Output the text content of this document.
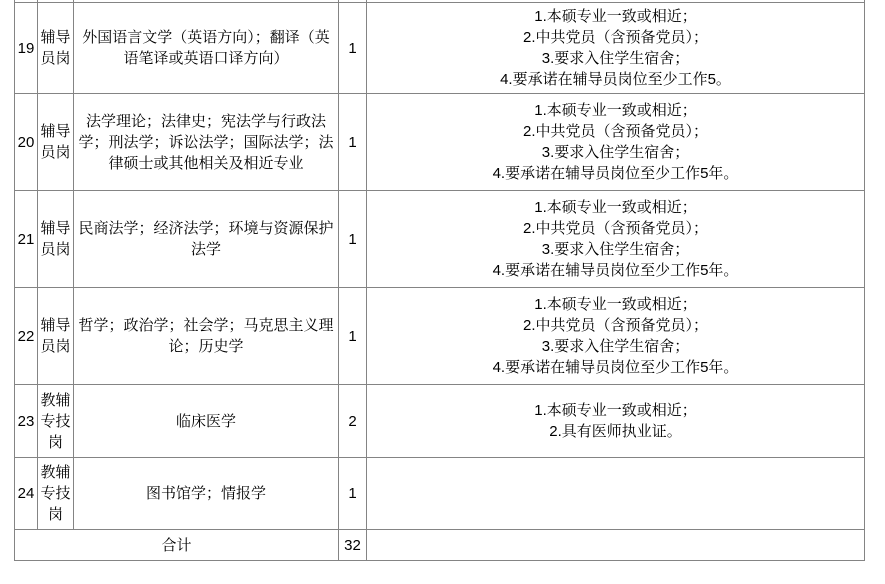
19	辅导员岗	外国语言文学（英语方向）；翻译（英语笔译或英语口译方向）	1	1.本硕专业一致或相近；
2.中共党员（含预备党员）；
3.要求入住学生宿舍；
4.要承诺在辅导员岗位至少工作5。

20	辅导员岗	法学理论；法律史；宪法学与行政法学；刑法学；诉讼法学；国际法学；法律硕士或其他相关及相近专业	1	1.本硕专业一致或相近；
2.中共党员（含预备党员）；
3.要求入住学生宿舍；
4.要承诺在辅导员岗位至少工作5年。

21	辅导员岗	民商法学；经济法学；环境与资源保护法学	1	1.本硕专业一致或相近；
2.中共党员（含预备党员）；
3.要求入住学生宿舍；
4.要承诺在辅导员岗位至少工作5年。

22	辅导员岗	哲学；政治学；社会学；马克思主义理论；历史学	1	1.本硕专业一致或相近；
2.中共党员（含预备党员）；
3.要求入住学生宿舍；
4.要承诺在辅导员岗位至少工作5年。

23	教辅专技岗	临床医学	2	1.本硕专业一致或相近；
2.具有医师执业证。

24	教辅专技岗	图书馆学；情报学	1	
合计			32	
